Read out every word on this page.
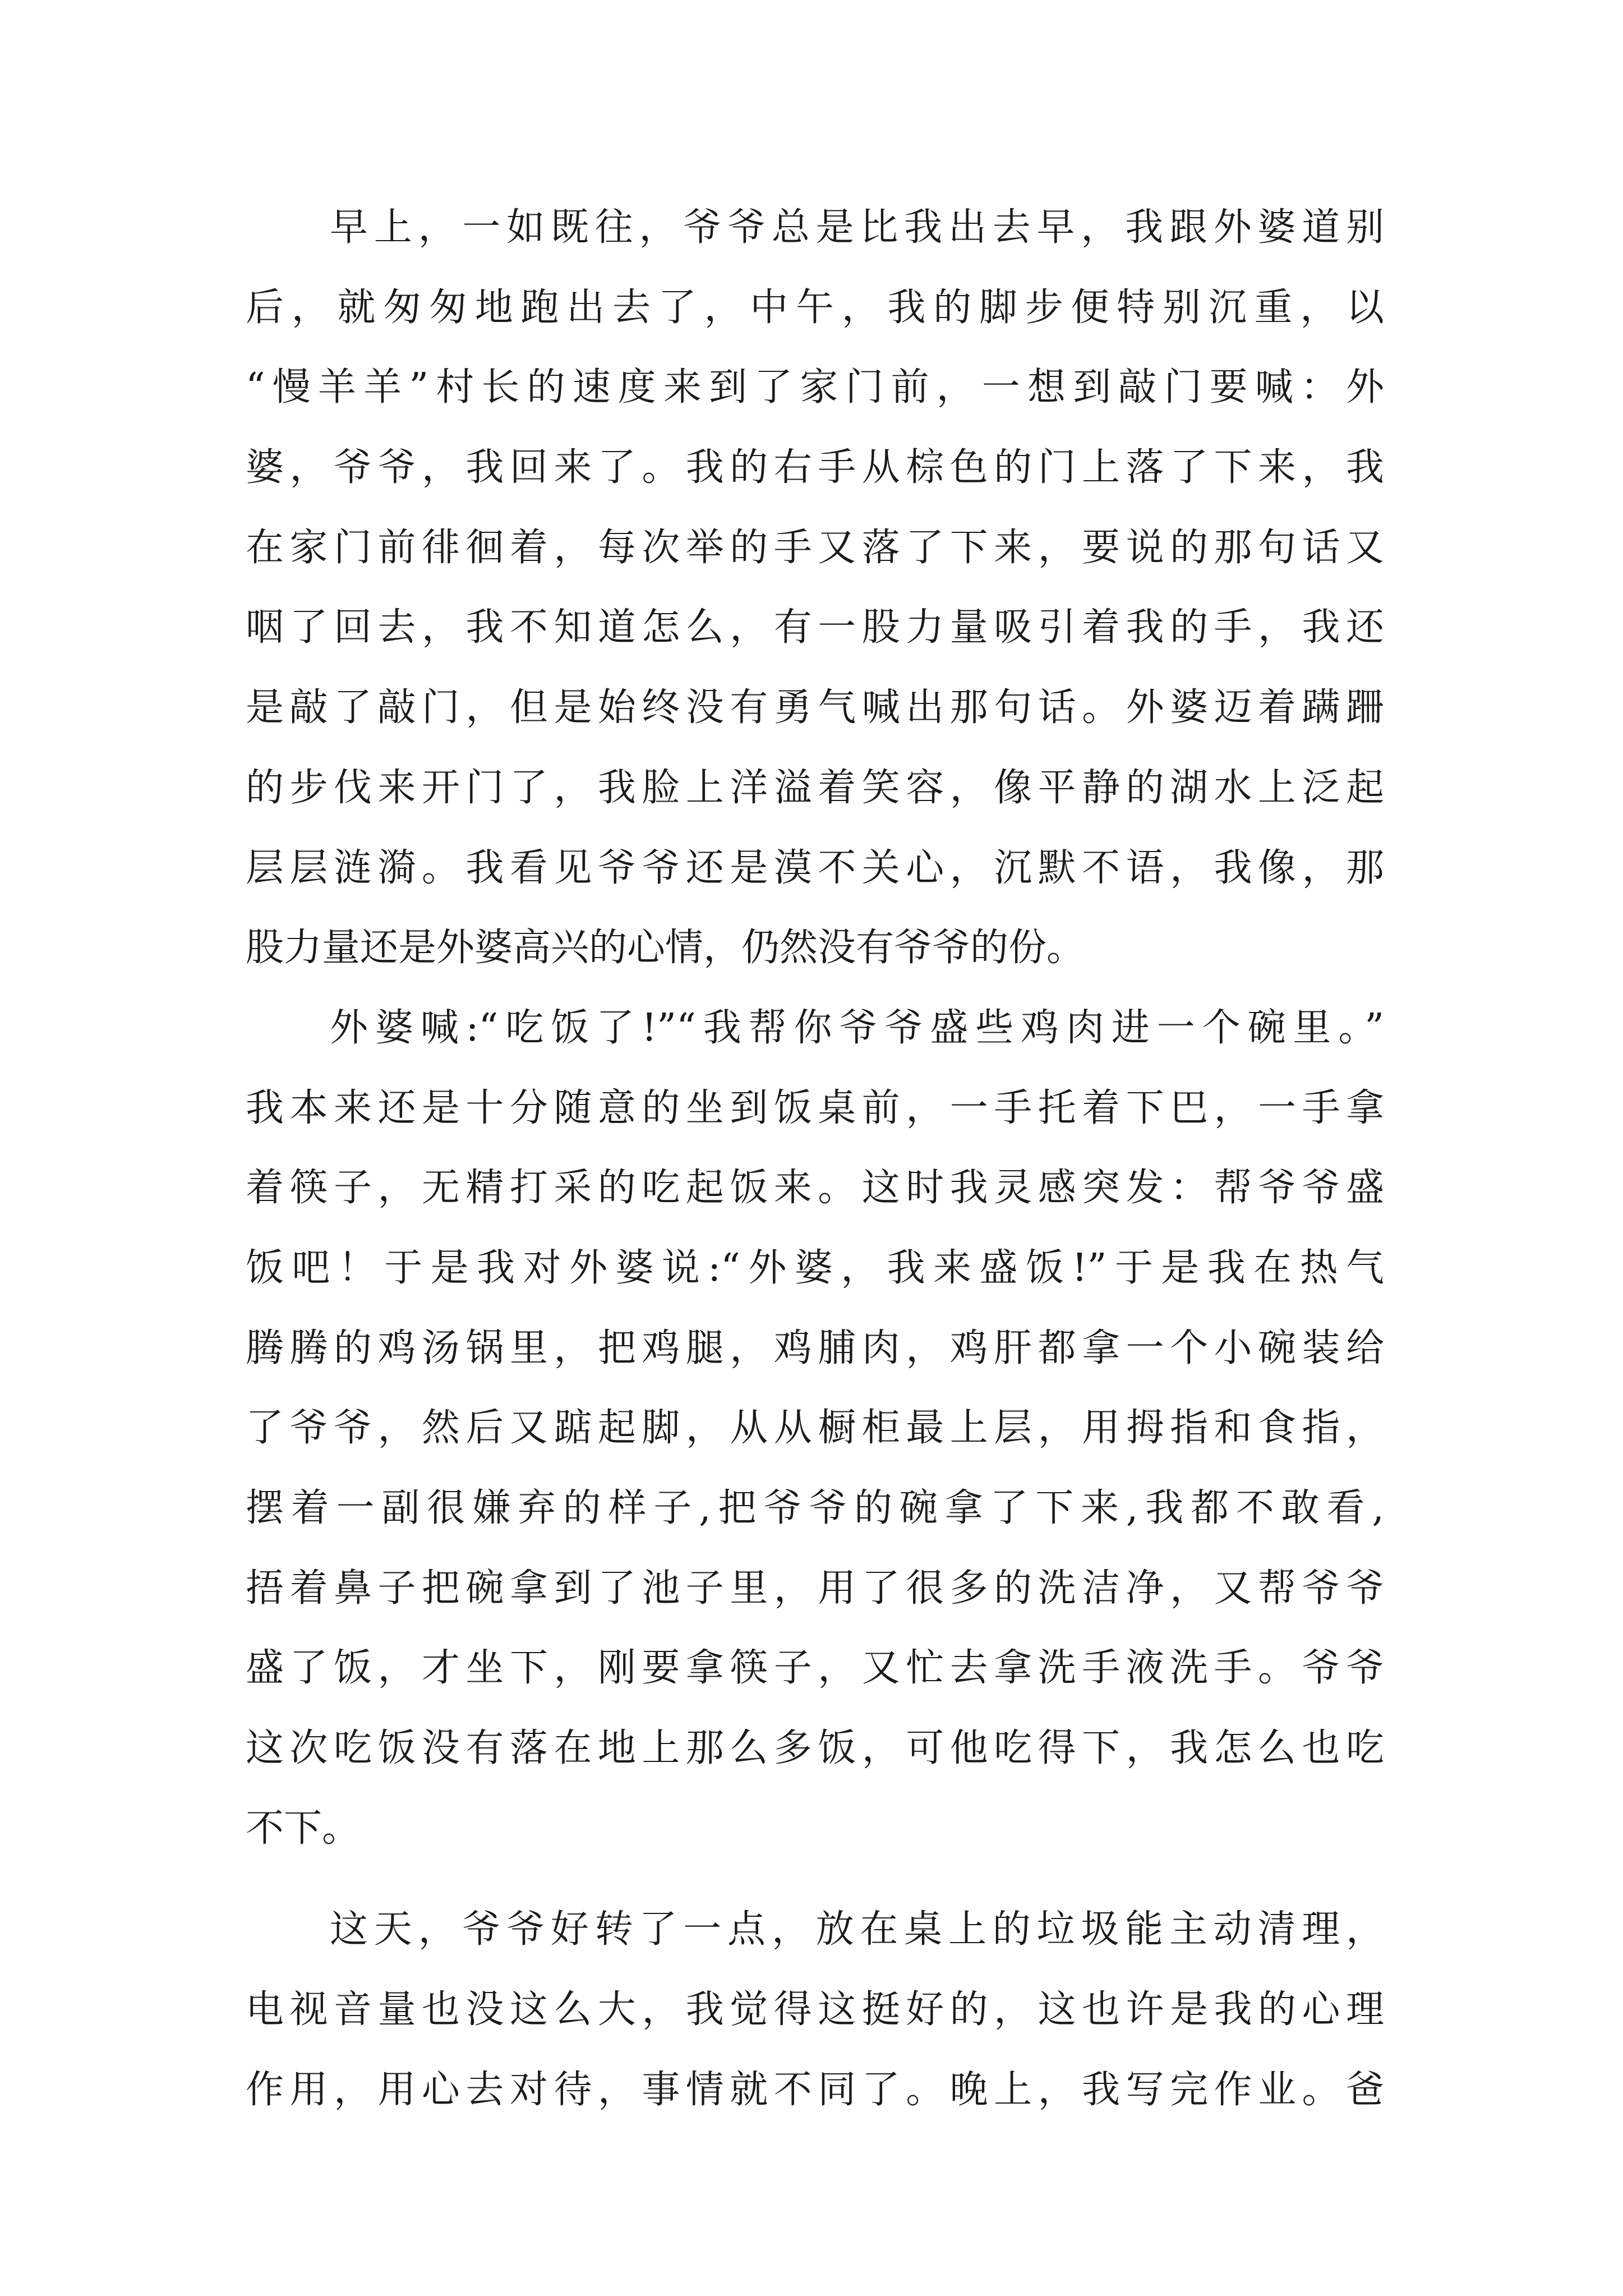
早上，一如既往，爷爷总是比我出去早，我跟外婆道别
后，就匆匆地跑出去了，中午，我的脚步便特别沉重，以
“慢羊羊”村长的速度来到了家门前，一想到敲门要喊：外
婆，爷爷，我回来了。我的右手从棕色的门上落了下来，我
在家门前徘徊着，每次举的手又落了下来，要说的那句话又
咽了回去，我不知道怎么，有一股力量吸引着我的手，我还
是敲了敲门，但是始终没有勇气喊出那句话。外婆迈着蹒跚
的步伐来开门了，我脸上洋溢着笑容，像平静的湖水上泛起
层层涟漪。我看见爷爷还是漠不关心，沉默不语，我像，那
股力量还是外婆高兴的心情，仍然没有爷爷的份。
外婆喊:“吃饭了!”“我帮你爷爷盛些鸡肉进一个碗里。”
我本来还是十分随意的坐到饭桌前，一手托着下巴，一手拿
着筷子，无精打采的吃起饭来。这时我灵感突发：帮爷爷盛
饭吧！于是我对外婆说:“外婆，我来盛饭!”于是我在热气
腾腾的鸡汤锅里，把鸡腿，鸡脯肉，鸡肝都拿一个小碗装给
了爷爷，然后又踮起脚，从从橱柜最上层，用拇指和食指，
摆着一副很嫌弃的样子,把爷爷的碗拿了下来,我都不敢看,
捂着鼻子把碗拿到了池子里，用了很多的洗洁净，又帮爷爷
盛了饭，才坐下，刚要拿筷子，又忙去拿洗手液洗手。爷爷
这次吃饭没有落在地上那么多饭，可他吃得下，我怎么也吃
不下。
这天，爷爷好转了一点，放在桌上的垃圾能主动清理，
电视音量也没这么大，我觉得这挺好的，这也许是我的心理
作用，用心去对待，事情就不同了。晚上，我写完作业。爸
